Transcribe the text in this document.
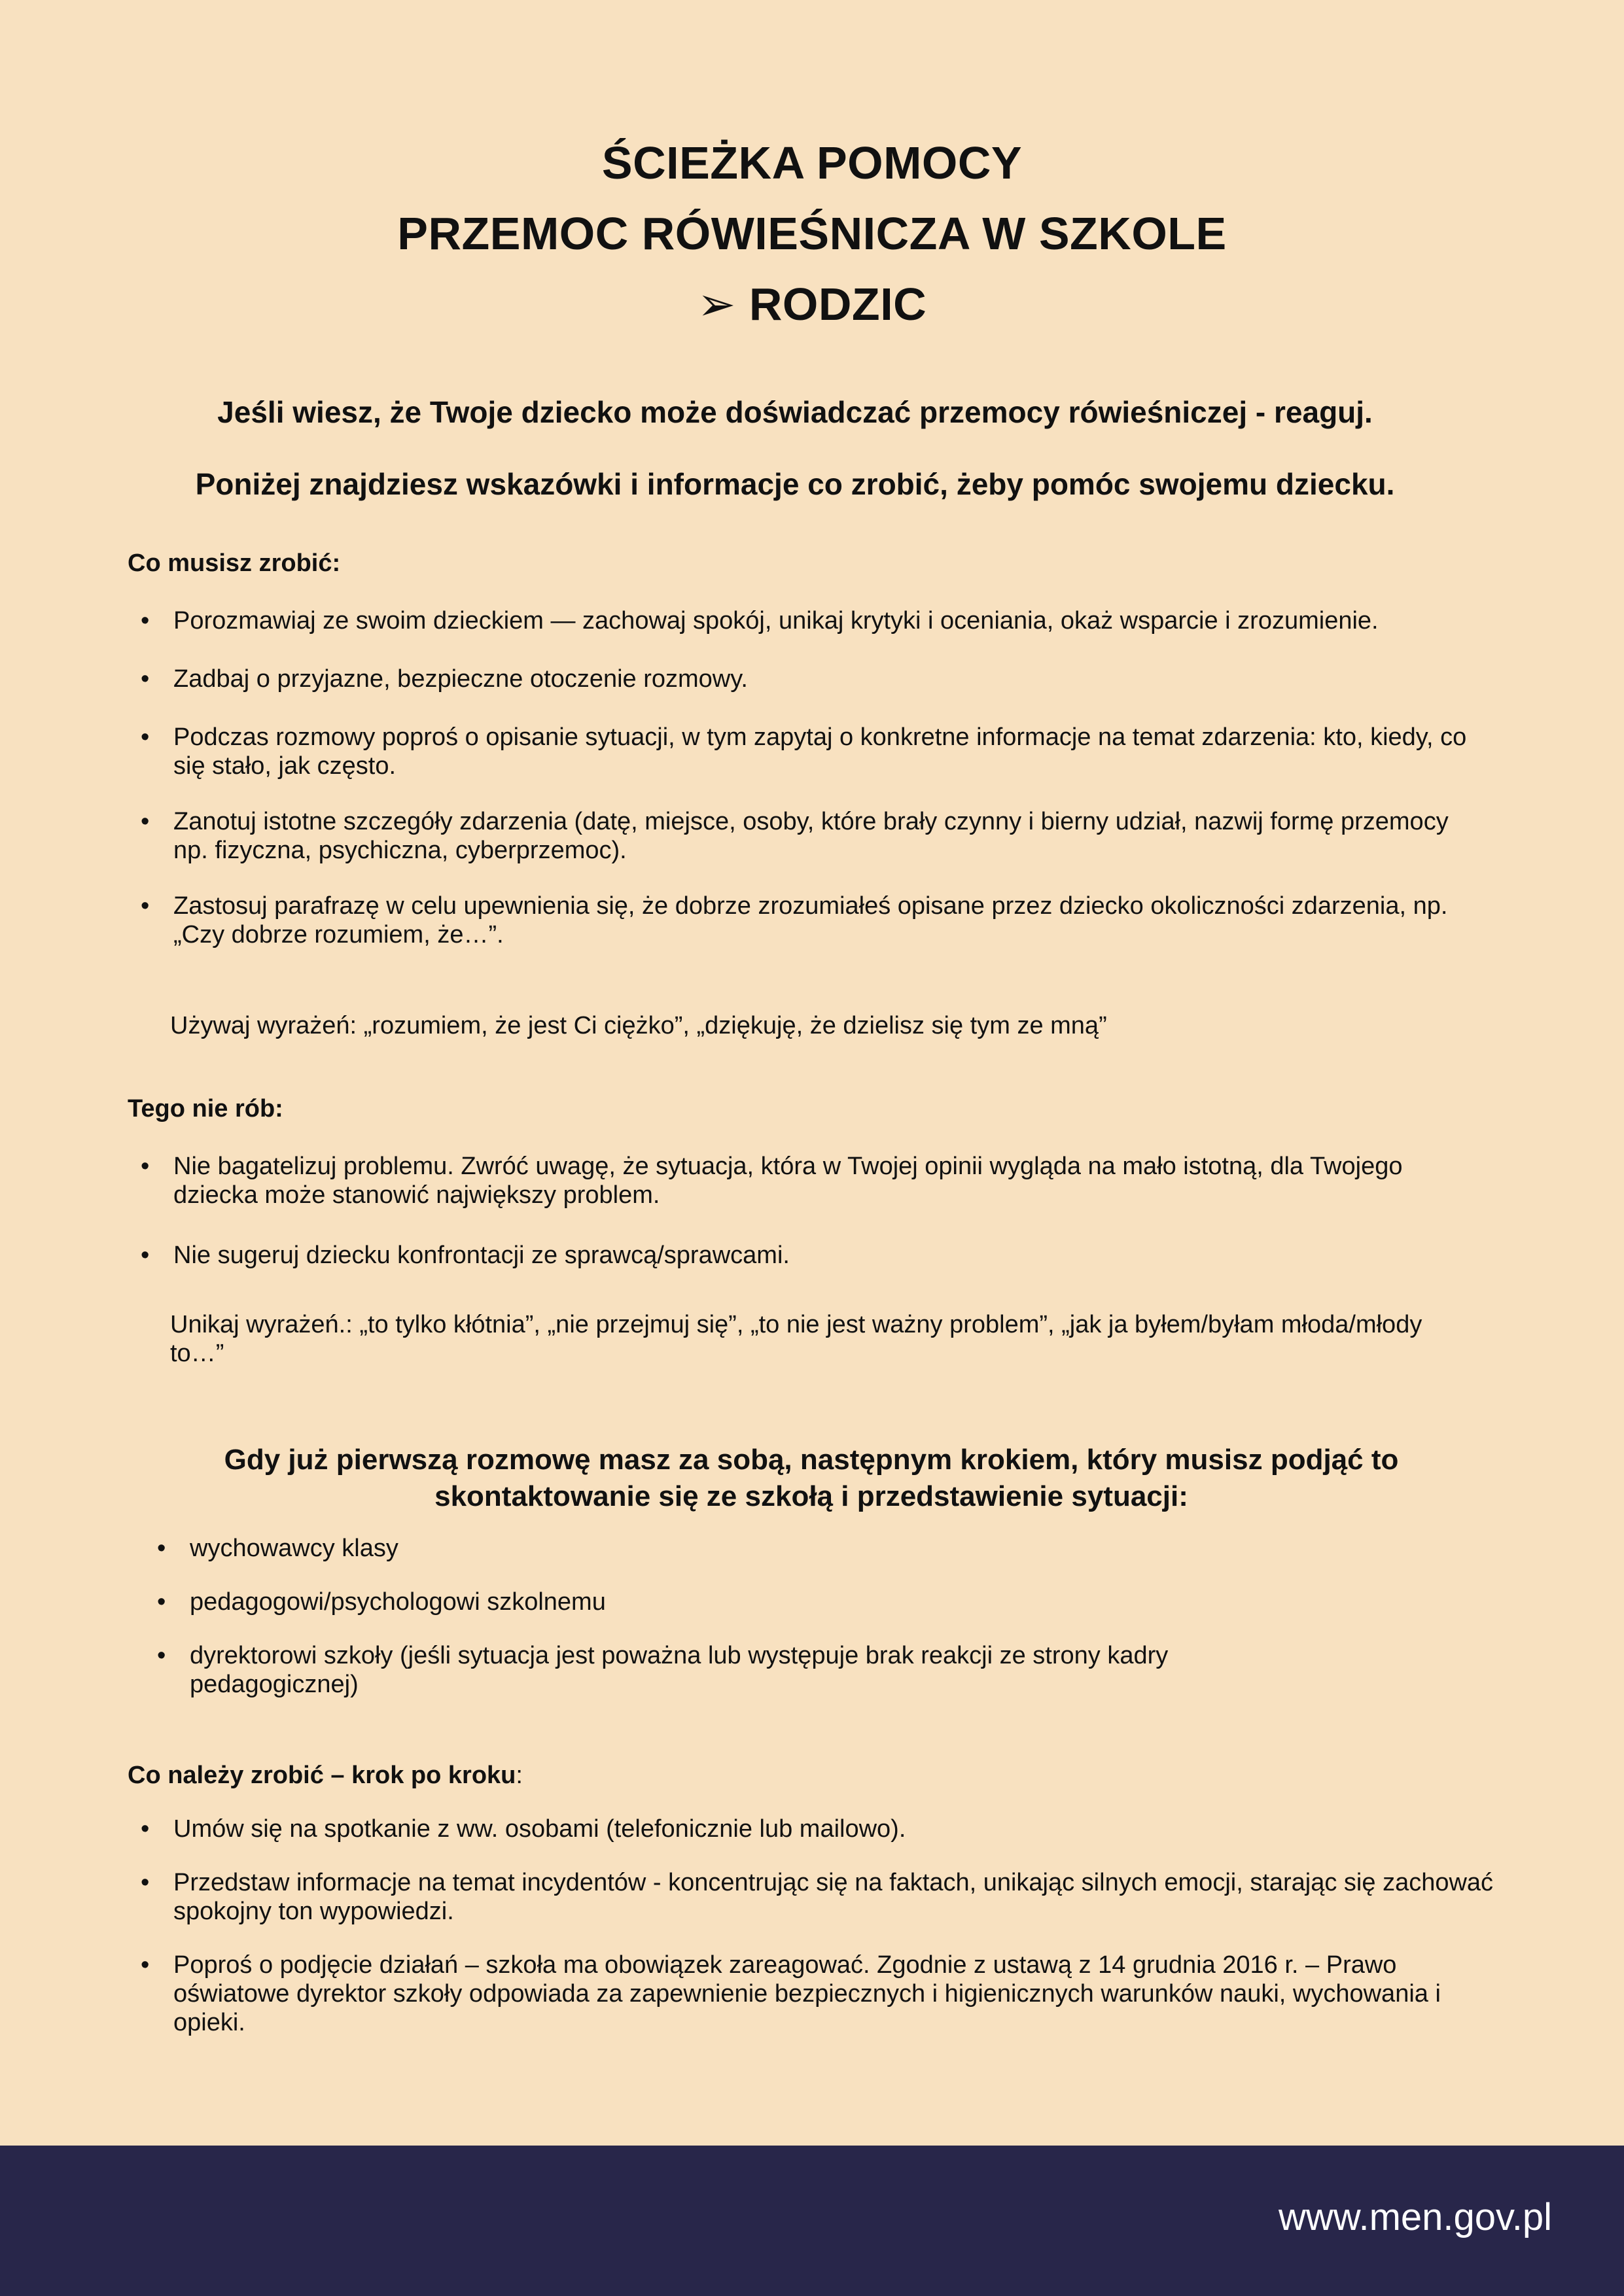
ŚCIEŻKA POMOCY
PRZEMOC RÓWIEŚNICZA W SZKOLE
➢ RODZIC
Jeśli wiesz, że Twoje dziecko może doświadczać przemocy rówieśniczej - reaguj.
Poniżej znajdziesz wskazówki i informacje co zrobić, żeby pomóc swojemu dziecku.
Co musisz zrobić:
• Porozmawiaj ze swoim dzieckiem — zachowaj spokój, unikaj krytyki i oceniania, okaż wsparcie i zrozumienie.
• Zadbaj o przyjazne, bezpieczne otoczenie rozmowy.
• Podczas rozmowy poproś o opisanie sytuacji, w tym zapytaj o konkretne informacje na temat zdarzenia: kto, kiedy, co się stało, jak często.
• Zanotuj istotne szczegóły zdarzenia (datę, miejsce, osoby, które brały czynny i bierny udział, nazwij formę przemocy np. fizyczna, psychiczna, cyberprzemoc).
• Zastosuj parafrazę w celu upewnienia się, że dobrze zrozumiałeś opisane przez dziecko okoliczności zdarzenia, np. „Czy dobrze rozumiem, że…”.
Używaj wyrażeń: „rozumiem, że jest Ci ciężko”, „dziękuję, że dzielisz się tym ze mną”
Tego nie rób:
• Nie bagatelizuj problemu. Zwróć uwagę, że sytuacja, która w Twojej opinii wygląda na mało istotną, dla Twojego dziecka może stanowić największy problem.
• Nie sugeruj dziecku konfrontacji ze sprawcą/sprawcami.
Unikaj wyrażeń.: „to tylko kłótnia”, „nie przejmuj się”, „to nie jest ważny problem”, „jak ja byłem/byłam młoda/młody to…”
Gdy już pierwszą rozmowę masz za sobą, następnym krokiem, który musisz podjąć to skontaktowanie się ze szkołą i przedstawienie sytuacji:
• wychowawcy klasy
• pedagogowi/psychologowi szkolnemu
• dyrektorowi szkoły (jeśli sytuacja jest poważna lub występuje brak reakcji ze strony kadry pedagogicznej)
Co należy zrobić – krok po kroku:
• Umów się na spotkanie z ww. osobami (telefonicznie lub mailowo).
• Przedstaw informacje na temat incydentów - koncentrując się na faktach, unikając silnych emocji, starając się zachować spokojny ton wypowiedzi.
• Poproś o podjęcie działań – szkoła ma obowiązek zareagować. Zgodnie z ustawą z 14 grudnia 2016 r. – Prawo oświatowe dyrektor szkoły odpowiada za zapewnienie bezpiecznych i higienicznych warunków nauki, wychowania i opieki.
www.men.gov.pl
